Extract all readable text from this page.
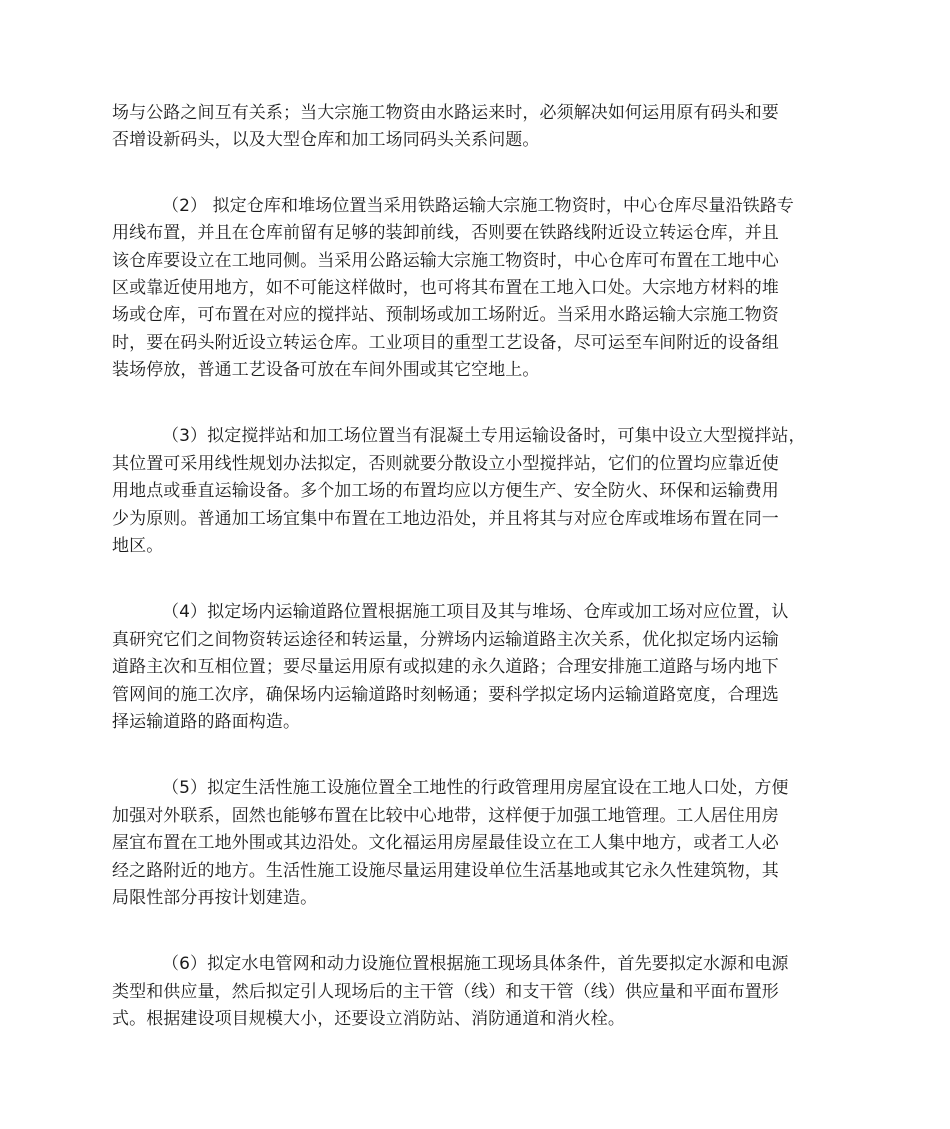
场与公路之间互有关系；当大宗施工物资由水路运来时，必须解决如何运用原有码头和要
否增设新码头，以及大型仓库和加工场同码头关系问题。
（2） 拟定仓库和堆场位置当采用铁路运输大宗施工物资时，中心仓库尽量沿铁路专
用线布置，并且在仓库前留有足够的装卸前线，否则要在铁路线附近设立转运仓库，并且
该仓库要设立在工地同侧。当采用公路运输大宗施工物资时，中心仓库可布置在工地中心
区或靠近使用地方，如不可能这样做时，也可将其布置在工地入口处。大宗地方材料的堆
场或仓库，可布置在对应的搅拌站、预制场或加工场附近。当采用水路运输大宗施工物资
时，要在码头附近设立转运仓库。工业项目的重型工艺设备，尽可运至车间附近的设备组
装场停放，普通工艺设备可放在车间外围或其它空地上。
（3）拟定搅拌站和加工场位置当有混凝土专用运输设备时，可集中设立大型搅拌站，
其位置可采用线性规划办法拟定，否则就要分散设立小型搅拌站，它们的位置均应靠近使
用地点或垂直运输设备。多个加工场的布置均应以方便生产、安全防火、环保和运输费用
少为原则。普通加工场宜集中布置在工地边沿处，并且将其与对应仓库或堆场布置在同一
地区。
（4）拟定场内运输道路位置根据施工项目及其与堆场、仓库或加工场对应位置，认
真研究它们之间物资转运途径和转运量，分辨场内运输道路主次关系，优化拟定场内运输
道路主次和互相位置；要尽量运用原有或拟建的永久道路；合理安排施工道路与场内地下
管网间的施工次序，确保场内运输道路时刻畅通；要科学拟定场内运输道路宽度，合理选
择运输道路的路面构造。
（5）拟定生活性施工设施位置全工地性的行政管理用房屋宜设在工地人口处，方便
加强对外联系，固然也能够布置在比较中心地带，这样便于加强工地管理。工人居住用房
屋宜布置在工地外围或其边沿处。文化福运用房屋最佳设立在工人集中地方，或者工人必
经之路附近的地方。生活性施工设施尽量运用建设单位生活基地或其它永久性建筑物，其
局限性部分再按计划建造。
（6）拟定水电管网和动力设施位置根据施工现场具体条件，首先要拟定水源和电源
类型和供应量，然后拟定引人现场后的主干管（线）和支干管（线）供应量和平面布置形
式。根据建设项目规模大小，还要设立消防站、消防通道和消火栓。
